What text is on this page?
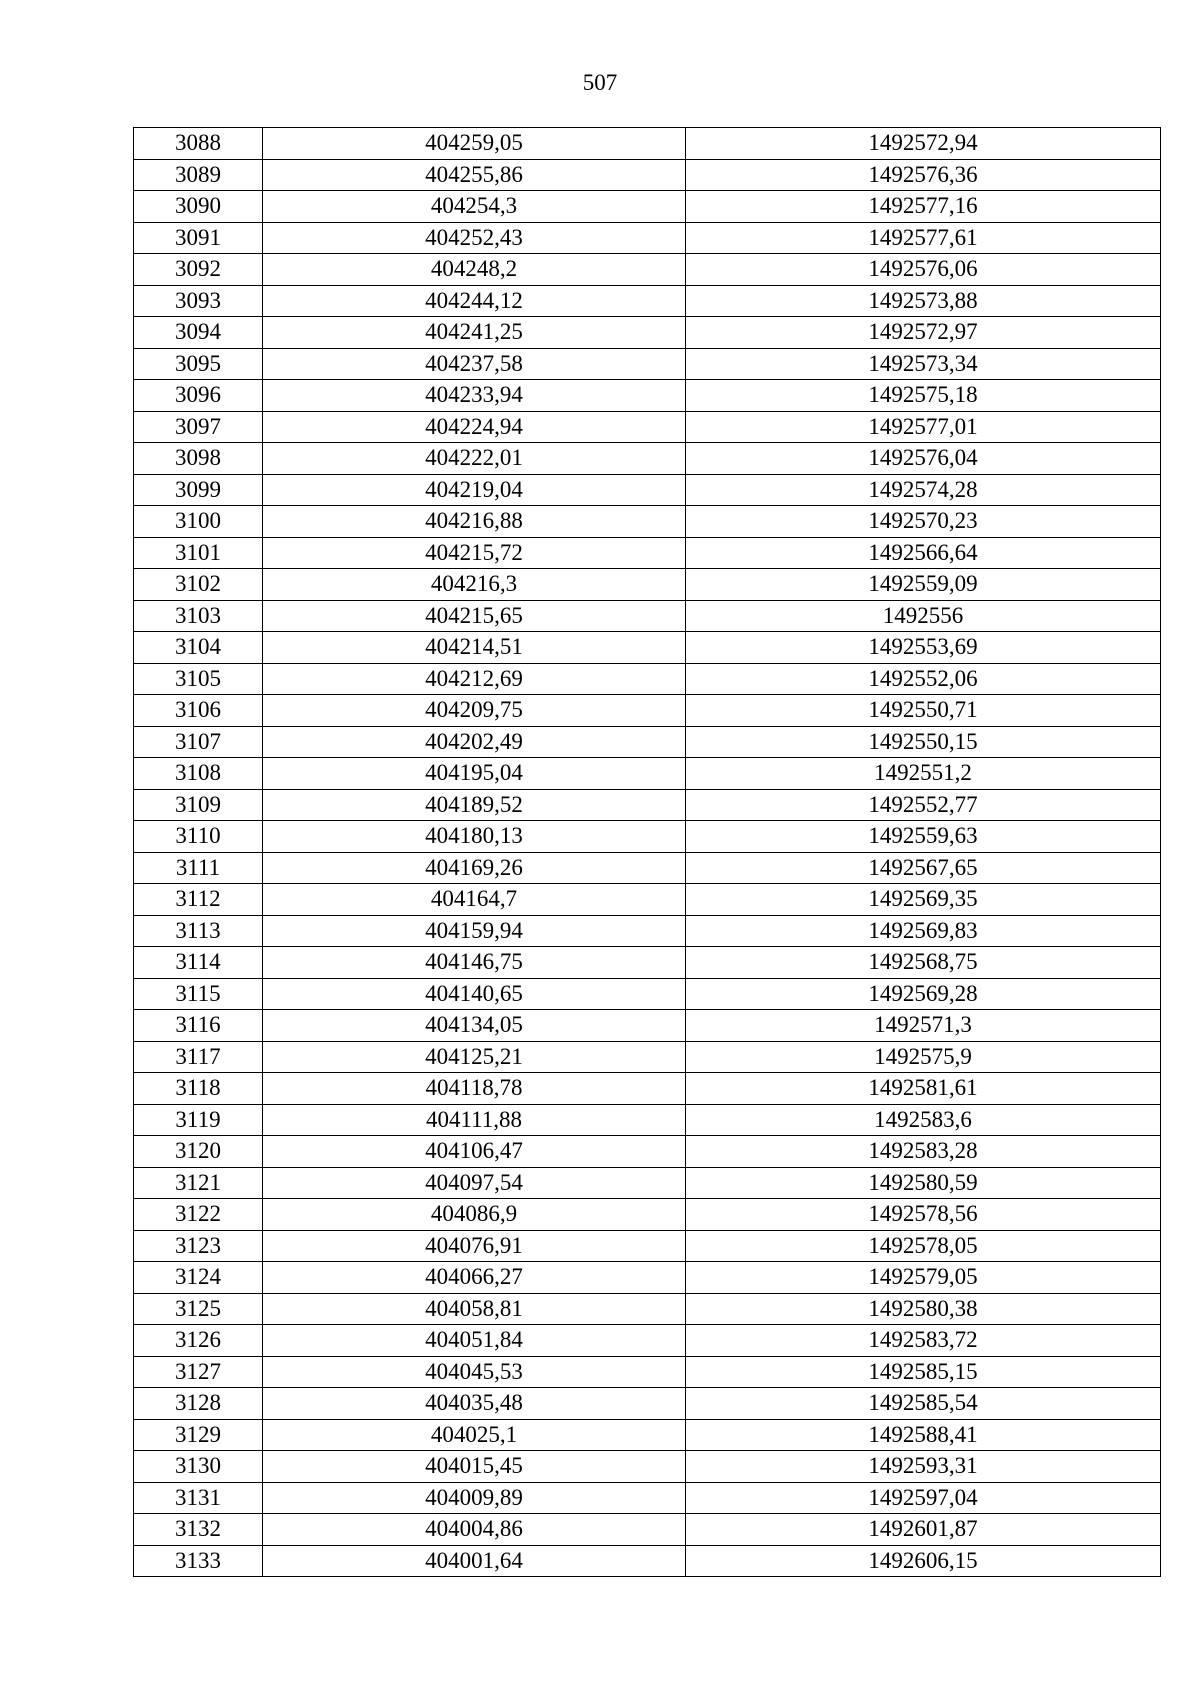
507
3088	404259,05	1492572,94
3089	404255,86	1492576,36
3090	404254,3	1492577,16
3091	404252,43	1492577,61
3092	404248,2	1492576,06
3093	404244,12	1492573,88
3094	404241,25	1492572,97
3095	404237,58	1492573,34
3096	404233,94	1492575,18
3097	404224,94	1492577,01
3098	404222,01	1492576,04
3099	404219,04	1492574,28
3100	404216,88	1492570,23
3101	404215,72	1492566,64
3102	404216,3	1492559,09
3103	404215,65	1492556
3104	404214,51	1492553,69
3105	404212,69	1492552,06
3106	404209,75	1492550,71
3107	404202,49	1492550,15
3108	404195,04	1492551,2
3109	404189,52	1492552,77
3110	404180,13	1492559,63
3111	404169,26	1492567,65
3112	404164,7	1492569,35
3113	404159,94	1492569,83
3114	404146,75	1492568,75
3115	404140,65	1492569,28
3116	404134,05	1492571,3
3117	404125,21	1492575,9
3118	404118,78	1492581,61
3119	404111,88	1492583,6
3120	404106,47	1492583,28
3121	404097,54	1492580,59
3122	404086,9	1492578,56
3123	404076,91	1492578,05
3124	404066,27	1492579,05
3125	404058,81	1492580,38
3126	404051,84	1492583,72
3127	404045,53	1492585,15
3128	404035,48	1492585,54
3129	404025,1	1492588,41
3130	404015,45	1492593,31
3131	404009,89	1492597,04
3132	404004,86	1492601,87
3133	404001,64	1492606,15
